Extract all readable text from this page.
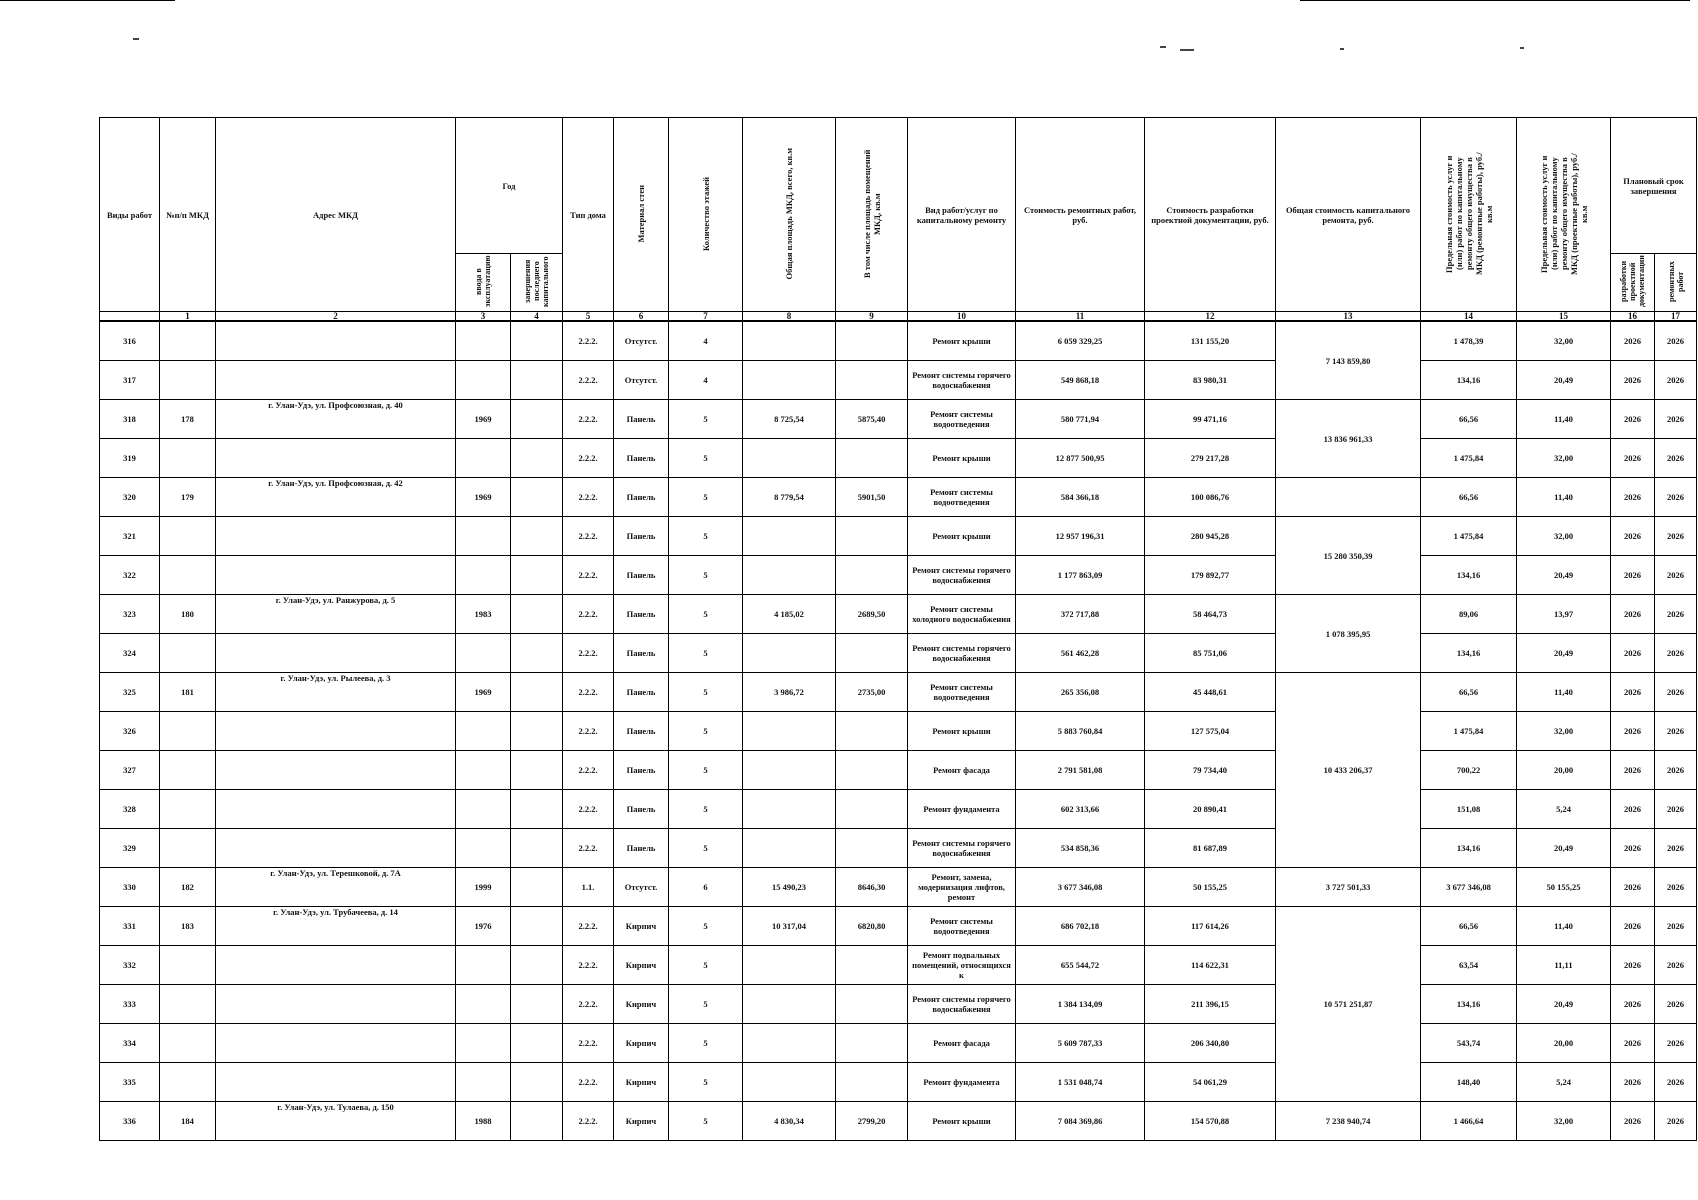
Виды работ	№п/п МКД	Адрес МКД	Год		Тип дома	Материал стен	Количество этажей	Общая площадь МКД, всего, кв.м	В том числе площадь помещений МКД, кв.м	Вид работ/услуг по капитальному ремонту	Стоимость ремонтных работ, руб.	Стоимость разработки проектной документации, руб.	Общая стоимость капитального ремонта, руб.	Предельная стоимость услуг и (или) работ по капитальному ремонту общего имущества в МКД (ремонтные работы), руб./кв.м	Предельная стоимость услуг и (или) работ по капитальному ремонту общего имущества в МКД (проектные работы), руб./кв.м	Плановый срок завершения	
			ввода в эксплуатацию	завершения последнего капитального												разработки проектной документации	ремонтных работ
	1	2	3	4	5	6	7	8	9	10	11	12	13	14	15	16	17
316					2.2.2.	Отсутст.	4			Ремонт крыши	6 059 329,25	131 155,20	7 143 859,80	1 478,39	32,00	2026	2026
317					2.2.2.	Отсутст.	4			Ремонт системы горячего водоснабжения	549 868,18	83 980,31		134,16	20,49	2026	2026
318	178	г. Улан-Удэ, ул. Профсоюзная, д. 40	1969		2.2.2.	Панель	5	8 725,54	5875,40	Ремонт системы водоотведения	580 771,94	99 471,16	13 836 961,33	66,56	11,40	2026	2026
319					2.2.2.	Панель	5			Ремонт крыши	12 877 500,95	279 217,28		1 475,84	32,00	2026	2026
320	179	г. Улан-Удэ, ул. Профсоюзная, д. 42	1969		2.2.2.	Панель	5	8 779,54	5901,50	Ремонт системы водоотведения	584 366,18	100 086,76		66,56	11,40	2026	2026
321					2.2.2.	Панель	5			Ремонт крыши	12 957 196,31	280 945,28	15 280 350,39	1 475,84	32,00	2026	2026
322					2.2.2.	Панель	5			Ремонт системы горячего водоснабжения	1 177 863,09	179 892,77		134,16	20,49	2026	2026
323	180	г. Улан-Удэ, ул. Ранжурова, д. 5	1983		2.2.2.	Панель	5	4 185,02	2689,50	Ремонт системы холодного водоснабжения	372 717,88	58 464,73	1 078 395,95	89,06	13,97	2026	2026
324					2.2.2.	Панель	5			Ремонт системы горячего водоснабжения	561 462,28	85 751,06		134,16	20,49	2026	2026
325	181	г. Улан-Удэ, ул. Рылеева, д. 3	1969		2.2.2.	Панель	5	3 986,72	2735,00	Ремонт системы водоотведения	265 356,08	45 448,61	10 433 206,37	66,56	11,40	2026	2026
326					2.2.2.	Панель	5			Ремонт крыши	5 883 760,84	127 575,04		1 475,84	32,00	2026	2026
327					2.2.2.	Панель	5			Ремонт фасада	2 791 581,08	79 734,40		700,22	20,00	2026	2026
328					2.2.2.	Панель	5			Ремонт фундамента	602 313,66	20 890,41		151,08	5,24	2026	2026
329					2.2.2.	Панель	5			Ремонт системы горячего водоснабжения	534 858,36	81 687,89		134,16	20,49	2026	2026
330	182	г. Улан-Удэ, ул. Терешковой, д. 7А	1999		1.1.	Отсутст.	6	15 490,23	8646,30	Ремонт, замена, модернизация лифтов, ремонт	3 677 346,08	50 155,25	3 727 501,33	3 677 346,08	50 155,25	2026	2026
331	183	г. Улан-Удэ, ул. Трубачеева, д. 14	1976		2.2.2.	Кирпич	5	10 317,04	6820,80	Ремонт системы водоотведения	686 702,18	117 614,26	10 571 251,87	66,56	11,40	2026	2026
332					2.2.2.	Кирпич	5			Ремонт подвальных помещений, относящихся к	655 544,72	114 622,31		63,54	11,11	2026	2026
333					2.2.2.	Кирпич	5			Ремонт системы горячего водоснабжения	1 384 134,09	211 396,15		134,16	20,49	2026	2026
334					2.2.2.	Кирпич	5			Ремонт фасада	5 609 787,33	206 340,80		543,74	20,00	2026	2026
335					2.2.2.	Кирпич	5			Ремонт фундамента	1 531 048,74	54 061,29		148,40	5,24	2026	2026
336	184	г. Улан-Удэ, ул. Тулаева, д. 150	1988		2.2.2.	Кирпич	5	4 830,34	2799,20	Ремонт крыши	7 084 369,86	154 570,88	7 238 940,74	1 466,64	32,00	2026	2026
